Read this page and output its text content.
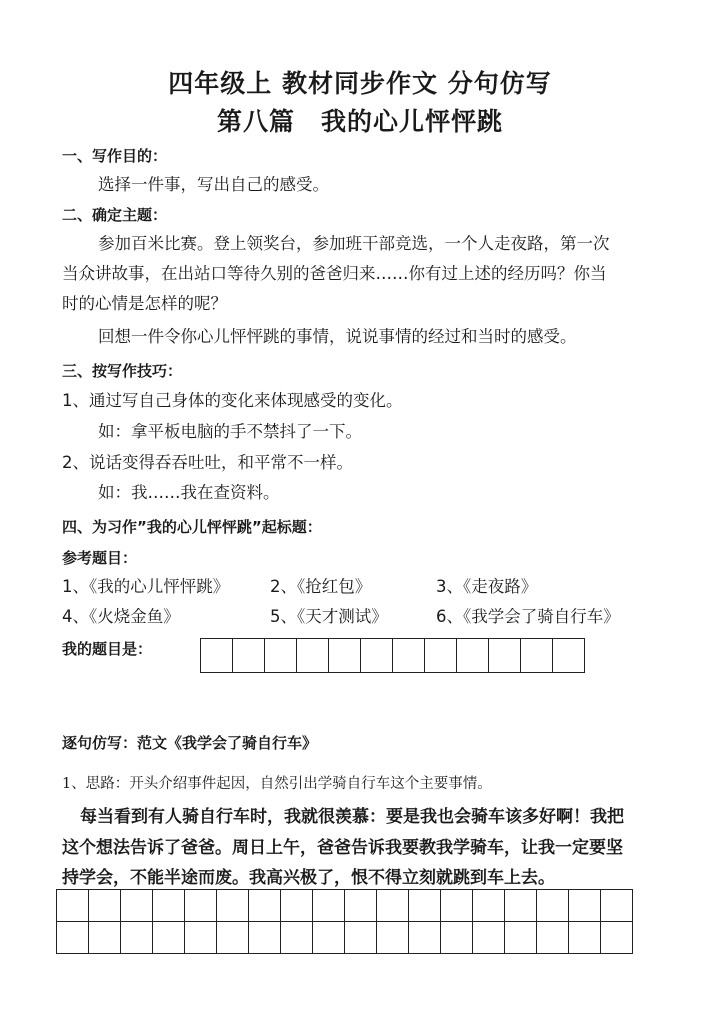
四年级上 教材同步作文 分句仿写
第八篇　我的心儿怦怦跳
一、写作目的：
选择一件事，写出自己的感受。
二、确定主题：
参加百米比赛。登上领奖台，参加班干部竞选，一个人走夜路，第一次
当众讲故事，在出站口等待久别的爸爸归来……你有过上述的经历吗？你当
时的心情是怎样的呢？
回想一件令你心儿怦怦跳的事情，说说事情的经过和当时的感受。
三、按写作技巧：
1、通过写自己身体的变化来体现感受的变化。
如：拿平板电脑的手不禁抖了一下。
2、说话变得吞吞吐吐，和平常不一样。
如：我……我在查资料。
四、为习作”我的心儿怦怦跳”起标题：
参考题目：
1、《我的心儿怦怦跳》 2、《抢红包》	3、《走夜路》
4、《火烧金鱼》	5、《天才测试》	6、《我学会了骑自行车》
我的题目是：

逐句仿写：范文《我学会了骑自行车》
1、思路：开头介绍事件起因，自然引出学骑自行车这个主要事情。
每当看到有人骑自行车时，我就很羡慕：要是我也会骑车该多好啊！我把
这个想法告诉了爸爸。周日上午，爸爸告诉我要教我学骑车，让我一定要坚
持学会，不能半途而废。我高兴极了，恨不得立刻就跳到车上去。
